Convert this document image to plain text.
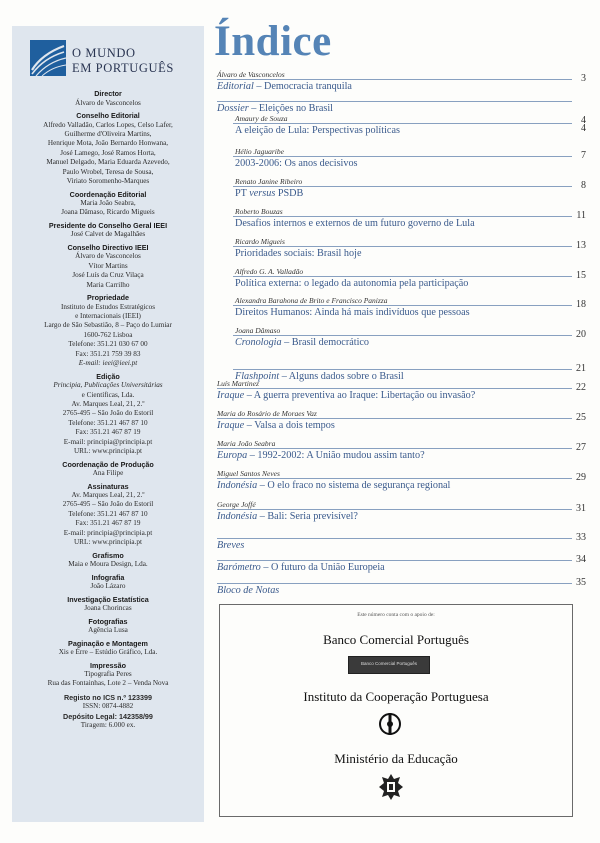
O MUNDO
EM PORTUGUÊS
Director
Álvaro de Vasconcelos
Conselho Editorial
Alfredo Valladão, Carlos Lopes, Celso Lafer,
Guilherme d'Oliveira Martins,
Henrique Mota, João Bernardo Honwana,
José Lamego, José Ramos Horta,
Manuel Delgado, Maria Eduarda Azevedo,
Paulo Wrobel, Teresa de Sousa,
Viriato Soromenho-Marques
Coordenação Editorial
Maria João Seabra,
Joana Dâmaso, Ricardo Migueis
Presidente do Conselho Geral IEEI
José Calvet de Magalhães
Conselho Directivo IEEI
Álvaro de Vasconcelos
Vítor Martins
José Luís da Cruz Vilaça
Maria Carrilho
Propriedade
Instituto de Estudos Estratégicos
e Internacionais (IEEI)
Largo de São Sebastião, 8 – Paço do Lumiar
1600-762 Lisboa
Telefone: 351.21 030 67 00
Fax: 351.21 759 39 83
E-mail: ieei@ieei.pt
Edição
Principia, Publicações Universitárias
e Científicas, Lda.
Av. Marques Leal, 21, 2.º
2765-495 – São João do Estoril
Telefone: 351.21 467 87 10
Fax: 351.21 467 87 19
E-mail: principia@principia.pt
URL: www.principia.pt
Coordenação de Produção
Ana Filipe
Assinaturas
Av. Marques Leal, 21, 2.º
2765-495 – São João do Estoril
Telefone: 351.21 467 87 10
Fax: 351.21 467 87 19
E-mail: principia@principia.pt
URL: www.principia.pt
Grafismo
Maia e Moura Design, Lda.
Infografia
João Lázaro
Investigação Estatística
Joana Chorincas
Fotografias
Agência Lusa
Paginação e Montagem
Xis e Érre – Estúdio Gráfico, Lda.
Impressão
Tipografia Peres
Rua das Fontainhas, Lote 2 – Venda Nova
Registo no ICS n.º 123399
ISSN: 0874-4882
Depósito Legal: 142358/99
Tiragem: 6.000 ex.
Índice
Álvaro de Vasconcelos
Editorial – Democracia tranquila
3
Dossier – Eleições no Brasil
Amaury de Souza	4
A eleição de Lula: Perspectivas políticas	4
Hélio Jaguaribe
2003-2006: Os anos decisivos
7
Renato Janine Ribeiro
PT versus PSDB
8
Roberto Bouzas
Desafios internos e externos de um futuro governo de Lula
11
Ricardo Migueis
Prioridades sociais: Brasil hoje
13
Alfredo G. A. Valladão
Política externa: o legado da autonomia pela participação
15
Alexandra Barahona de Brito e Francisco Panizza
Direitos Humanos: Ainda há mais indivíduos que pessoas
18
Joana Dâmaso
Cronologia – Brasil democrático
20
Flashpoint – Alguns dados sobre o Brasil
21
Luís Martinez
Iraque – A guerra preventiva ao Iraque: Libertação ou invasão?
22
Maria do Rosário de Moraes Vaz
Iraque – Valsa a dois tempos
25
Maria João Seabra
Europa – 1992-2002: A União mudou assim tanto?
27
Miguel Santos Neves
Indonésia – O elo fraco no sistema de segurança regional
29
George Joffé
Indonésia – Bali: Seria previsível?
31
Breves
33
Barómetro – O futuro da União Europeia
34
Bloco de Notas
35
Este número conta com o apoio de:
Banco Comercial Português
Banco Comercial Português
Instituto da Cooperação Portuguesa
Ministério da Educação
